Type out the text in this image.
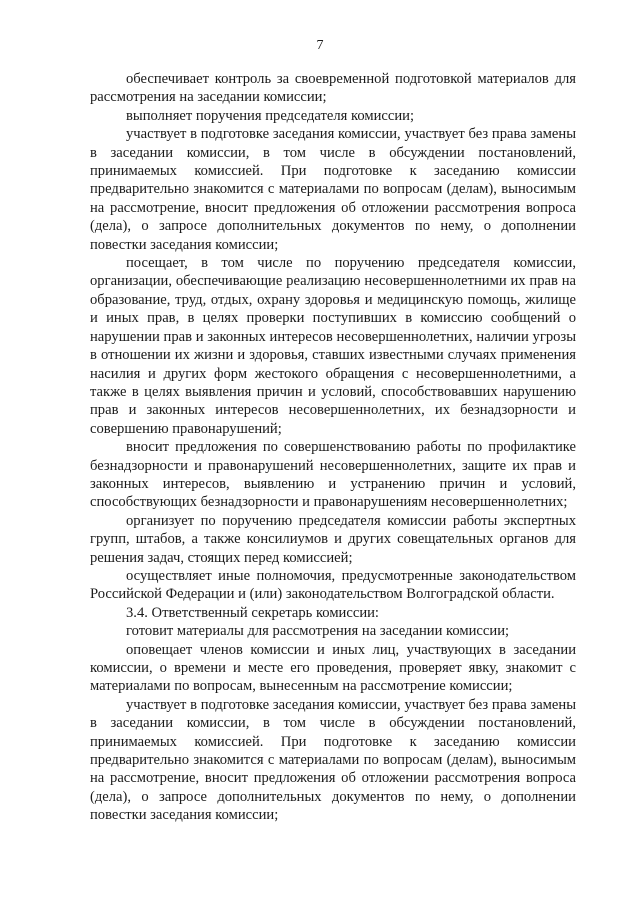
7

обеспечивает контроль за своевременной подготовкой материалов для рассмотрения на заседании комиссии;

выполняет поручения председателя комиссии;

участвует в подготовке заседания комиссии, участвует без права замены в заседании комиссии, в том числе в обсуждении постановлений, принимаемых комиссией. При подготовке к заседанию комиссии предварительно знакомится с материалами по вопросам (делам), выносимым на рассмотрение, вносит предложения об отложении рассмотрения вопроса (дела), о запросе дополнительных документов по нему, о дополнении повестки заседания комиссии;

посещает, в том числе по поручению председателя комиссии, организации, обеспечивающие реализацию несовершеннолетними их прав на образование, труд, отдых, охрану здоровья и медицинскую помощь, жилище и иных прав, в целях проверки поступивших в комиссию сообщений о нарушении прав и законных интересов несовершеннолетних, наличии угрозы в отношении их жизни и здоровья, ставших известными случаях применения насилия и других форм жестокого обращения с несовершеннолетними, а также в целях выявления причин и условий, способствовавших нарушению прав и законных интересов несовершеннолетних, их безнадзорности и совершению правонарушений;

вносит предложения по совершенствованию работы по профилактике безнадзорности и правонарушений несовершеннолетних, защите их прав и законных интересов, выявлению и устранению причин и условий, способствующих безнадзорности и правонарушениям несовершеннолетних;

организует по поручению председателя комиссии работы экспертных групп, штабов, а также консилиумов и других совещательных органов для решения задач, стоящих перед комиссией;

осуществляет иные полномочия, предусмотренные законодательством Российской Федерации и (или) законодательством Волгоградской области.

3.4. Ответственный секретарь комиссии:

готовит материалы для рассмотрения на заседании комиссии;

оповещает членов комиссии и иных лиц, участвующих в заседании комиссии, о времени и месте его проведения, проверяет явку, знакомит с материалами по вопросам, вынесенным на рассмотрение комиссии;

участвует в подготовке заседания комиссии, участвует без права замены в заседании комиссии, в том числе в обсуждении постановлений, принимаемых комиссией. При подготовке к заседанию комиссии предварительно знакомится с материалами по вопросам (делам), выносимым на рассмотрение, вносит предложения об отложении рассмотрения вопроса (дела), о запросе дополнительных документов по нему, о дополнении повестки заседания комиссии;
